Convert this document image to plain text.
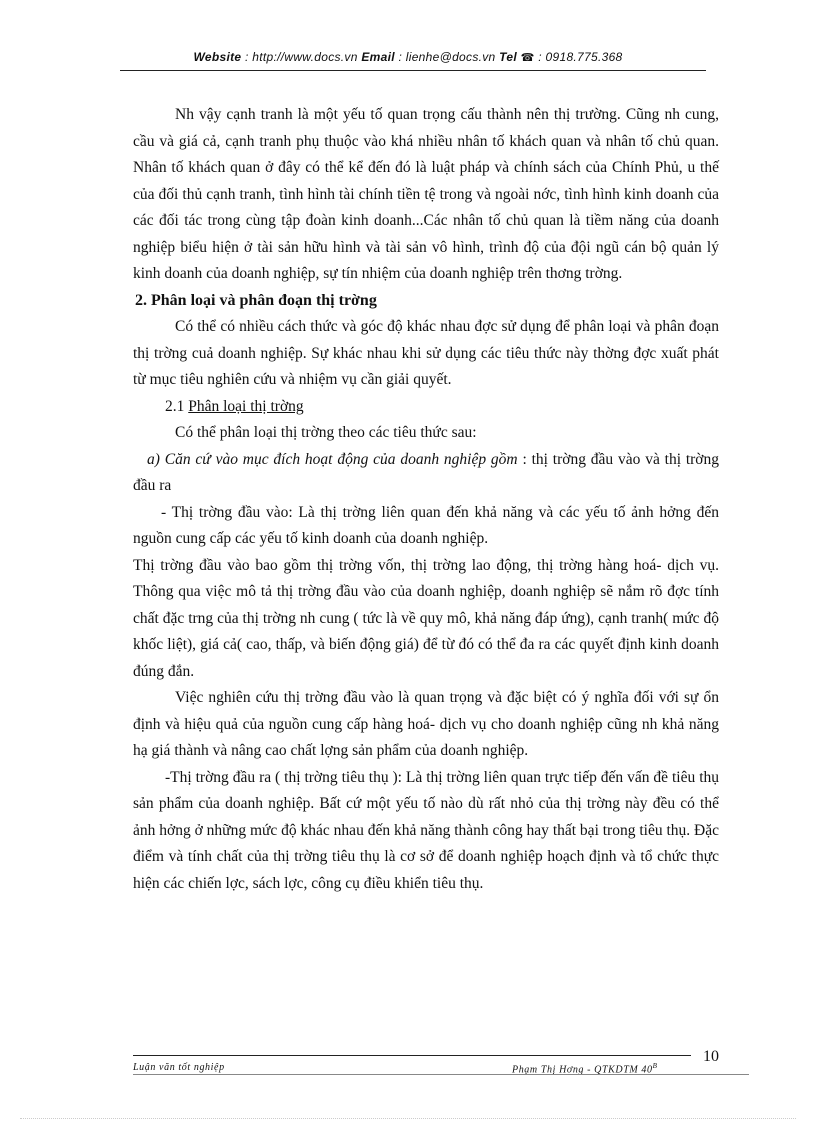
Website : http://www.docs.vn Email : lienhe@docs.vn Tel ☎ : 0918.775.368

Nh vậy cạnh tranh là một yếu tố quan trọng cấu thành nên thị trường. Cũng nh cung, cầu và giá cả, cạnh tranh phụ thuộc vào khá nhiều nhân tố khách quan và nhân tố chủ quan. Nhân tố khách quan ở đây có thể kể đến đó là luật pháp và chính sách của Chính Phủ, u thế của đối thủ cạnh tranh, tình hình tài chính tiền tệ trong và ngoài nớc, tình hình kinh doanh của các đối tác trong cùng tập đoàn kinh doanh...Các nhân tố chủ quan là tiềm năng của doanh nghiệp biểu hiện ở tài sản hữu hình và tài sản vô hình, trình độ của đội ngũ cán bộ quản lý kinh doanh của doanh nghiệp, sự tín nhiệm của doanh nghiệp trên thơng trờng.

2. Phân loại và phân đoạn thị trờng

Có thể có nhiều cách thức và góc độ khác nhau đợc sử dụng để phân loại và phân đoạn thị trờng cuả doanh nghiệp. Sự khác nhau khi sử dụng các tiêu thức này thờng đợc xuất phát từ mục tiêu nghiên cứu và nhiệm vụ cần giải quyết.

2.1 Phân loại thị trờng

Có thể phân loại thị trờng theo các tiêu thức sau:

a) Căn cứ vào mục đích hoạt động của doanh nghiệp gồm : thị trờng đầu vào và thị trờng đầu ra

- Thị trờng đầu vào: Là thị trờng liên quan đến khả năng và các yếu tố ảnh hởng đến nguồn cung cấp các yếu tố kinh doanh của doanh nghiệp.

Thị trờng đầu vào bao gồm thị trờng vốn, thị trờng lao động, thị trờng hàng hoá- dịch vụ. Thông qua việc mô tả thị trờng đầu vào của doanh nghiệp, doanh nghiệp sẽ nắm rõ đợc tính chất đặc trng của thị trờng nh cung ( tức là về quy mô, khả năng đáp ứng), cạnh tranh( mức độ khốc liệt), giá cả( cao, thấp, và biến động giá) để từ đó có thể đa ra các quyết định kinh doanh đúng đắn.

Việc nghiên cứu thị trờng đầu vào là quan trọng và đặc biệt có ý nghĩa đối với sự ổn định và hiệu quả của nguồn cung cấp hàng hoá- dịch vụ cho doanh nghiệp cũng nh khả năng hạ giá thành và nâng cao chất lợng sản phẩm của doanh nghiệp.

-Thị trờng đầu ra ( thị trờng tiêu thụ ): Là thị trờng liên quan trực tiếp đến vấn đề tiêu thụ sản phẩm của doanh nghiệp. Bất cứ một yếu tố nào dù rất nhỏ của thị trờng này đều có thể ảnh hởng ở những mức độ khác nhau đến khả năng thành công hay thất bại trong tiêu thụ. Đặc điểm và tính chất của thị trờng tiêu thụ là cơ sở để doanh nghiệp hoạch định và tổ chức thực hiện các chiến lợc, sách lợc, công cụ điều khiển tiêu thụ.

Luận văn tốt nghiệp	Phạm Thị Hơng - QTKDTM $40^B$
10
